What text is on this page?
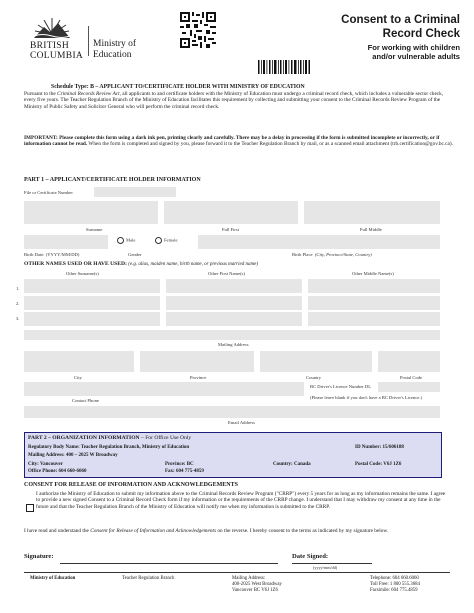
BRITISH
COLUMBIA
Ministry of
Education
Consent to a Criminal
Record Check
For working with children
and/or vulnerable adults
Schedule Type: B – APPLICANT TO/CERTIFICATE HOLDER WITH MINISTRY OF EDUCATION
Pursuant to the Criminal Records Review Act, all applicants to and certificate holders with the Ministry of Education must undergo a criminal record check, which includes a vulnerable sector check, every five years. The Teacher Regulation Branch of the Ministry of Education facilitates this requirement by collecting and submitting your consent to the Criminal Records Review Program of the Ministry of Public Safety and Solicitor General who will perform the criminal record check.
IMPORTANT: Please complete this form using a dark ink pen, printing clearly and carefully. There may be a delay in processing if the form is submitted incomplete or incorrectly, or if information cannot be read. When the form is completed and signed by you, please forward it to the Teacher Regulation Branch by mail, or as a scanned email attachment (trb.certification@gov.bc.ca).
PART 1 – APPLICANT/CERTIFICATE HOLDER INFORMATION
File or Certificate Number
Surname	Full First	Full Middle
Male	Female
Birth Date: (YYYY/MM/DD)	Gender	Birth Place (City, Province/State, Country)
OTHER NAMES USED OR HAVE USED: (e.g. alias, maiden name, birth name, or previous married name)
Other Surname(s)	Other First Name(s)	Other Middle Name(s)
1.
2.
3.
Mailing Address
City	Province	Country	Postal Code
BC Driver's Licence Number DL
(Please leave blank if you don't have a BC Driver's Licence.)
Contact Phone
Email Address
PART 2 – ORGANIZATION INFORMATION – For Office Use Only
Regulatory Body Name: Teacher Regulation Branch, Ministry of Education	ID Number: 15/606188
Mailing Address: 400 – 2025 W Broadway
City: Vancouver	Province: BC	Country: Canada	Postal Code: V6J 1Z6
Office Phone: 604 660-6060	Fax: 604 775-4859
CONSENT FOR RELEASE OF INFORMATION AND ACKNOWLEDGEMENTS
I authorize the Ministry of Education to submit my information above to the Criminal Records Review Program ("CRRP") every 5 years for as long as my information remains the same. I agree to provide a new signed Consent to a Criminal Record Check form if my information or the requirements of the CRRP change. I understand that I may withdraw my consent at any time in the future and that the Teacher Regulation Branch of the Ministry of Education will notify me when my information is submitted to the CRRP.
I have read and understand the Consent for Release of Information and Acknowledgements on the reverse. I hereby consent to the terms as indicated by my signature below.
Signature:	Date Signed:
(yyyy/mm/dd)
Ministry of Education	Teacher Regulation Branch	Mailing Address:
400-2025 West Broadway
Vancouver BC V6J 1Z6
Telephone: 604 660.6060
Toll Free: 1 800 555.3684
Facsimile: 604 775.4859
